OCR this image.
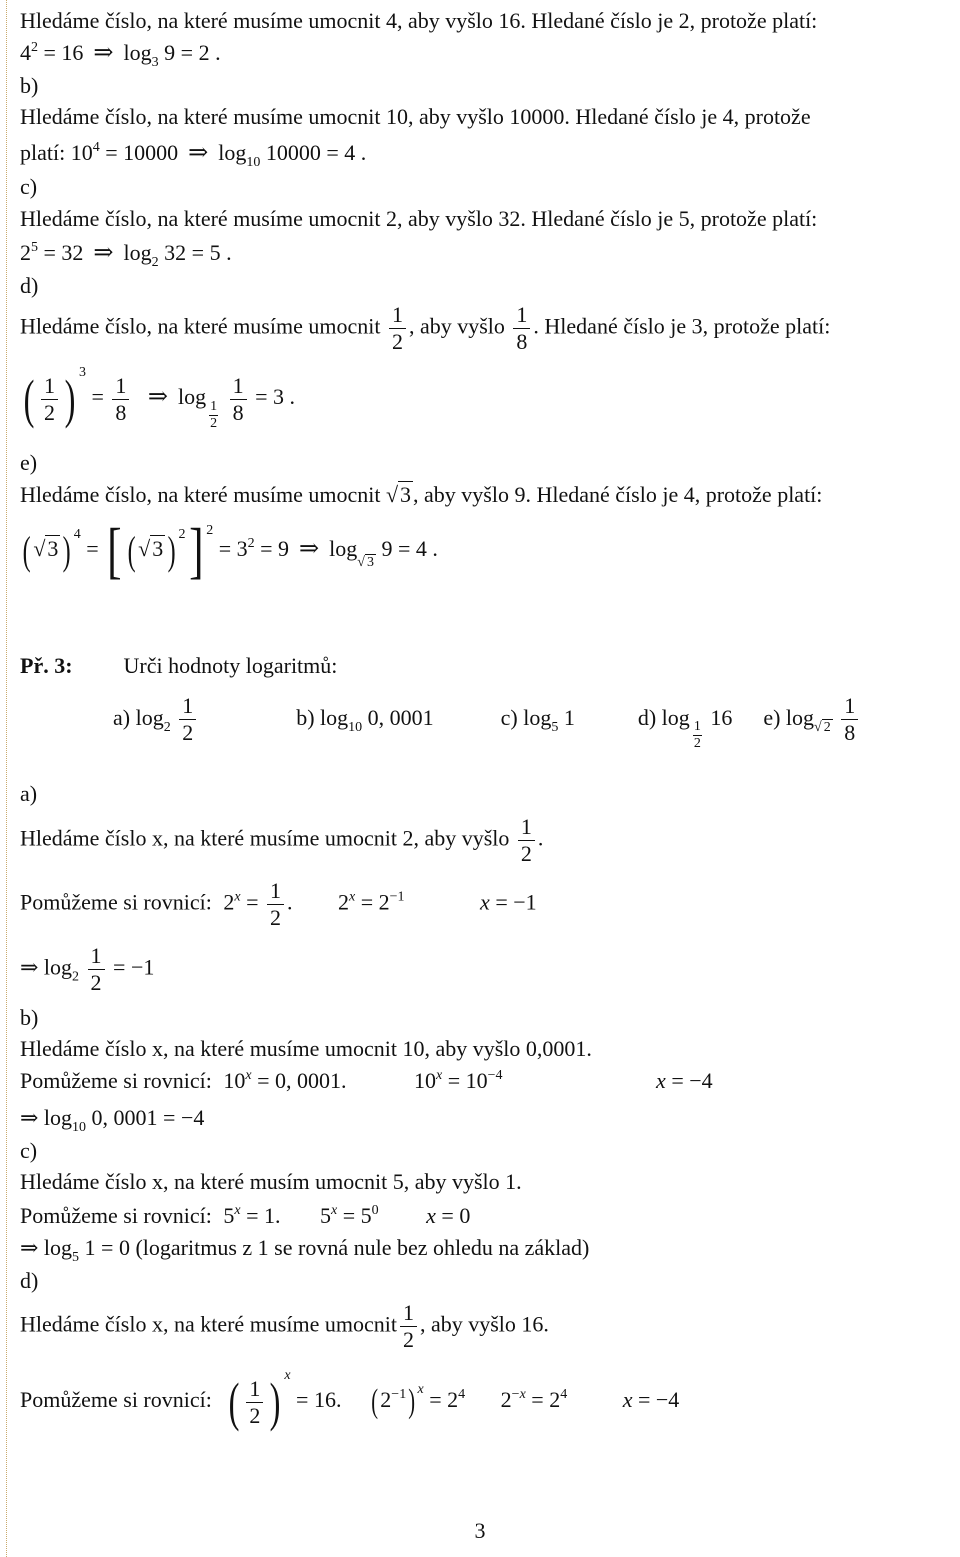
Hledáme číslo, na které musíme umocnit 4, aby vyšlo 16. Hledané číslo je 2, protože platí:
$4^2 = 16$ ⇒ $\log_3 9 = 2$ .
b)
Hledáme číslo, na které musíme umocnit 10, aby vyšlo 10000. Hledané číslo je 4, protože
platí: $10^4 = 10000$ ⇒ $\log_{10} 10000 = 4$ .
c)
Hledáme číslo, na které musíme umocnit 2, aby vyšlo 32. Hledané číslo je 5, protože platí:
$2^5 = 32$ ⇒ $\log_2 32 = 5$ .
d)
Hledáme číslo, na které musíme umocnit $\frac{1}{2}$ , aby vyšlo $\frac{1}{8}$ . Hledané číslo je 3, protože platí:
( $\frac{1}{2}$ ) $^3 = \frac{1}{8}$ ⇒ log
$\frac{1}{2}$
$\frac{1}{8} = 3$ .
e)
Hledáme číslo, na které musíme umocnit √3, aby vyšlo 9. Hledané číslo je 4, protože platí:
( √3 ) $^4$ = [ ( √3 ) $^2$] $^2 = 3^2 = 9$ ⇒ $\log_{√ 3} 9 = 4$ .
Př. 3: Urči hodnoty logaritmů:
a) $\log_2 \frac{1}{2}$	b) $\log_{10} 0$, 0001	c) $\log_5 1$	d) log
$\frac{1}{2}$
16 e) $\log_{√ 2} \frac{1}{8}$
a)
Hledáme číslo x, na které musíme umocnit 2, aby vyšlo $\frac{1}{2}$ .
Pomůžeme si rovnicí: $2^x = \frac{1}{2}$ . $2^x = 2^{-1}$	x = −1
⇒ $\log_2 \frac{1}{2} = -1$
b)
Hledáme číslo x, na které musíme umocnit 10, aby vyšlo 0,0001.
Pomůžeme si rovnicí: $10^x = 0$, 0001.	$10^x = 10^{-4}$	x = −4
⇒ $\log_{10} 0$, 0001 = −4
c)
Hledáme číslo x, na které musím umocnit 5, aby vyšlo 1.
Pomůžeme si rovnicí: $5^x = 1$. $5^x = 5^0$ x = 0
⇒ $\log_5 1 = 0$ (logaritmus z 1 se rovná nule bez ohledu na základ)
d)
Hledáme číslo x, na které musíme umocnit $\frac{1}{2}$ , aby vyšlo 16.
Pomůžeme si rovnicí: ( $\frac{1}{2}$ ) $^x$ = 16. ( $2^{-1}$) $^x = 2^4$ $2^{-x} = 2^4$	x = −4
3
